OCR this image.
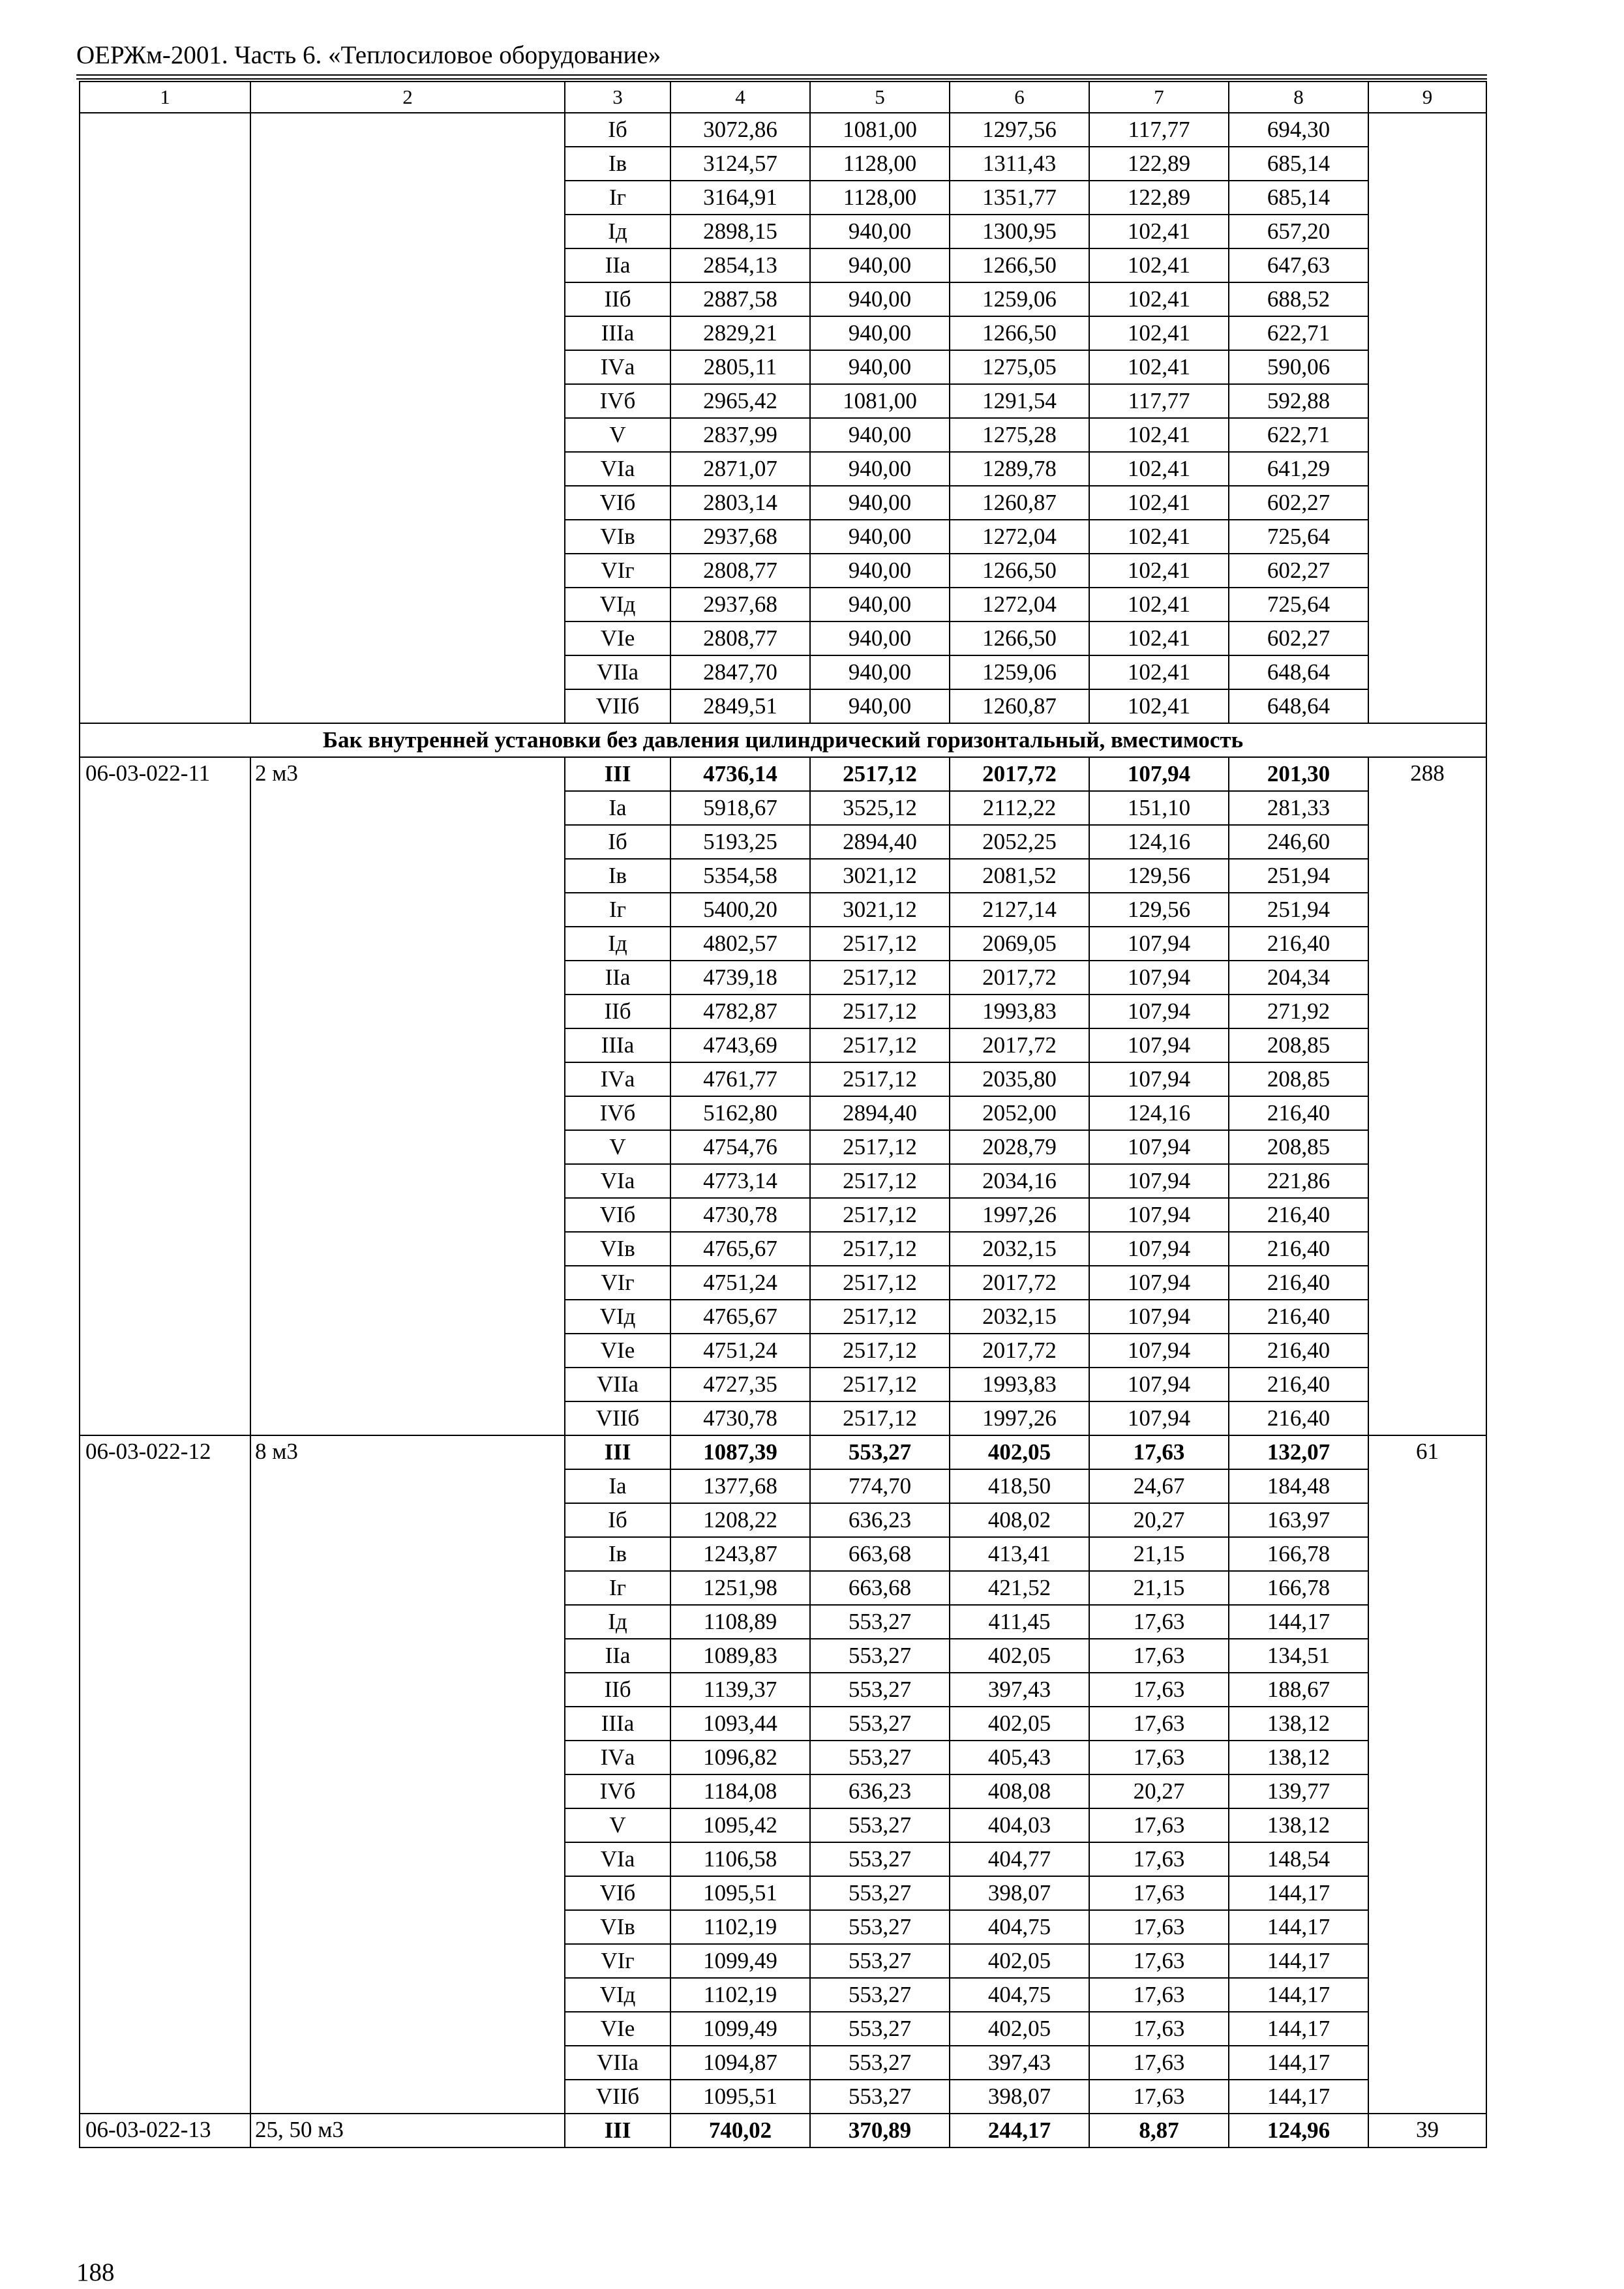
ОЕРЖм-2001. Часть 6. «Теплосиловое оборудование»
1	2	3	4	5	6	7	8	9
		Iб	3072,86	1081,00	1297,56	117,77	694,30	
		Iв	3124,57	1128,00	1311,43	122,89	685,14	
		Iг	3164,91	1128,00	1351,77	122,89	685,14	
		Iд	2898,15	940,00	1300,95	102,41	657,20	
		IIа	2854,13	940,00	1266,50	102,41	647,63	
		IIб	2887,58	940,00	1259,06	102,41	688,52	
		IIIа	2829,21	940,00	1266,50	102,41	622,71	
		IVа	2805,11	940,00	1275,05	102,41	590,06	
		IVб	2965,42	1081,00	1291,54	117,77	592,88	
		V	2837,99	940,00	1275,28	102,41	622,71	
		VIа	2871,07	940,00	1289,78	102,41	641,29	
		VIб	2803,14	940,00	1260,87	102,41	602,27	
		VIв	2937,68	940,00	1272,04	102,41	725,64	
		VIг	2808,77	940,00	1266,50	102,41	602,27	
		VIд	2937,68	940,00	1272,04	102,41	725,64	
		VIе	2808,77	940,00	1266,50	102,41	602,27	
		VIIа	2847,70	940,00	1259,06	102,41	648,64	
		VIIб	2849,51	940,00	1260,87	102,41	648,64	
Бак внутренней установки без давления цилиндрический горизонтальный, вместимость								
06-03-022-11	2 м3	III	4736,14	2517,12	2017,72	107,94	201,30	288
		Iа	5918,67	3525,12	2112,22	151,10	281,33	
		Iб	5193,25	2894,40	2052,25	124,16	246,60	
		Iв	5354,58	3021,12	2081,52	129,56	251,94	
		Iг	5400,20	3021,12	2127,14	129,56	251,94	
		Iд	4802,57	2517,12	2069,05	107,94	216,40	
		IIа	4739,18	2517,12	2017,72	107,94	204,34	
		IIб	4782,87	2517,12	1993,83	107,94	271,92	
		IIIа	4743,69	2517,12	2017,72	107,94	208,85	
		IVа	4761,77	2517,12	2035,80	107,94	208,85	
		IVб	5162,80	2894,40	2052,00	124,16	216,40	
		V	4754,76	2517,12	2028,79	107,94	208,85	
		VIа	4773,14	2517,12	2034,16	107,94	221,86	
		VIб	4730,78	2517,12	1997,26	107,94	216,40	
		VIв	4765,67	2517,12	2032,15	107,94	216,40	
		VIг	4751,24	2517,12	2017,72	107,94	216,40	
		VIд	4765,67	2517,12	2032,15	107,94	216,40	
		VIе	4751,24	2517,12	2017,72	107,94	216,40	
		VIIа	4727,35	2517,12	1993,83	107,94	216,40	
		VIIб	4730,78	2517,12	1997,26	107,94	216,40	
06-03-022-12	8 м3	III	1087,39	553,27	402,05	17,63	132,07	61
		Iа	1377,68	774,70	418,50	24,67	184,48	
		Iб	1208,22	636,23	408,02	20,27	163,97	
		Iв	1243,87	663,68	413,41	21,15	166,78	
		Iг	1251,98	663,68	421,52	21,15	166,78	
		Iд	1108,89	553,27	411,45	17,63	144,17	
		IIа	1089,83	553,27	402,05	17,63	134,51	
		IIб	1139,37	553,27	397,43	17,63	188,67	
		IIIа	1093,44	553,27	402,05	17,63	138,12	
		IVа	1096,82	553,27	405,43	17,63	138,12	
		IVб	1184,08	636,23	408,08	20,27	139,77	
		V	1095,42	553,27	404,03	17,63	138,12	
		VIа	1106,58	553,27	404,77	17,63	148,54	
		VIб	1095,51	553,27	398,07	17,63	144,17	
		VIв	1102,19	553,27	404,75	17,63	144,17	
		VIг	1099,49	553,27	402,05	17,63	144,17	
		VIд	1102,19	553,27	404,75	17,63	144,17	
		VIе	1099,49	553,27	402,05	17,63	144,17	
		VIIа	1094,87	553,27	397,43	17,63	144,17	
		VIIб	1095,51	553,27	398,07	17,63	144,17	
06-03-022-13	25, 50 м3	III	740,02	370,89	244,17	8,87	124,96	39
188
